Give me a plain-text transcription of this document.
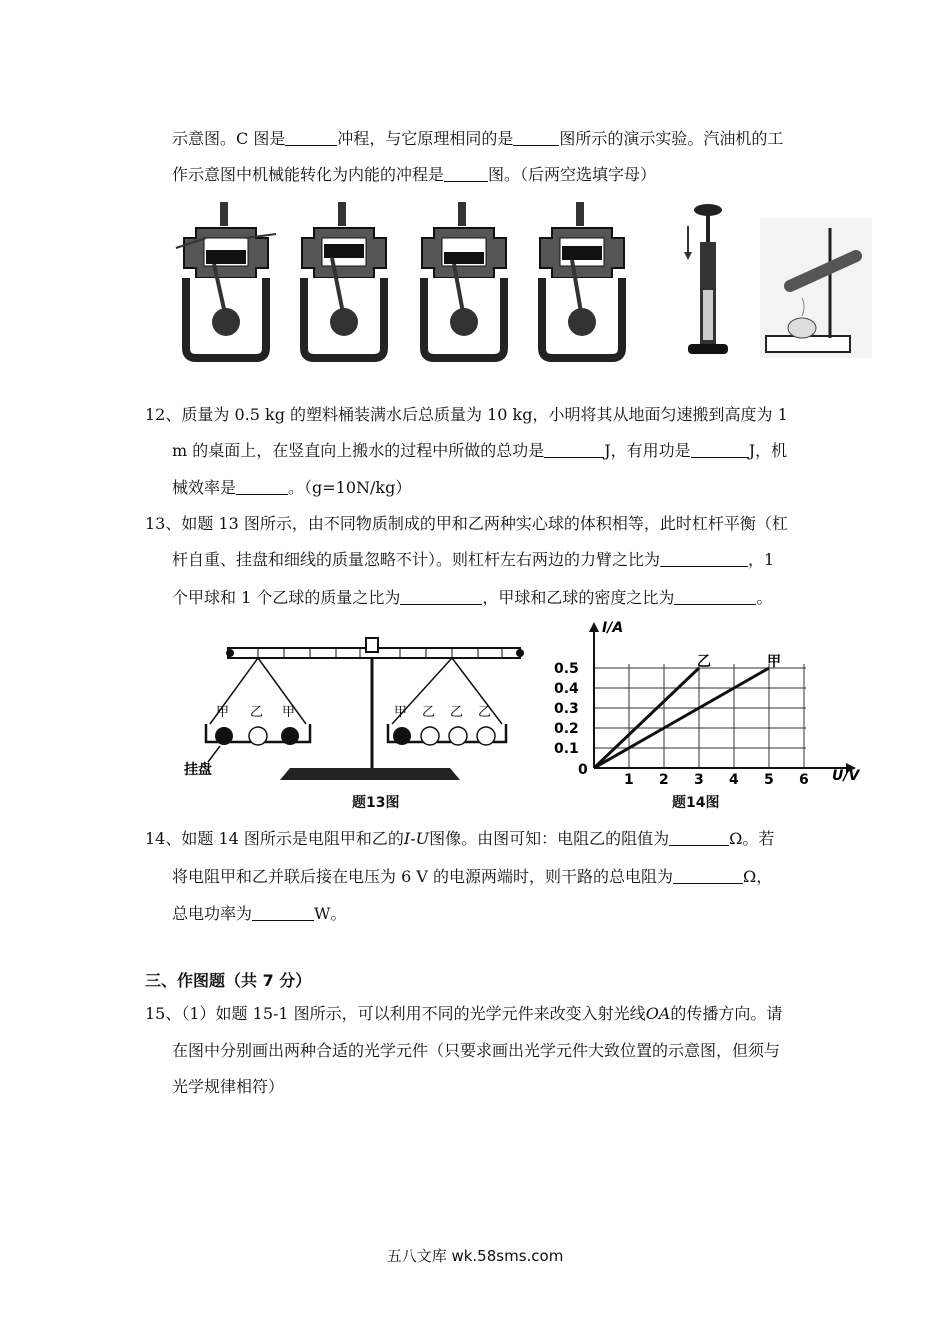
示意图。C 图是	冲程，与它原理相同的是	图所示的演示实验。汽油机的工
作示意图中机械能转化为内能的冲程是	图。（后两空选填字母）
12、质量为 0.5 kg 的塑料桶装满水后总质量为 10 kg，小明将其从地面匀速搬到高度为 1
m 的桌面上，在竖直向上搬水的过程中所做的总功是	J，有用功是	J，机
械效率是	。（g=10N/kg）
13、如题 13 图所示，由不同物质制成的甲和乙两种实心球的体积相等，此时杠杆平衡（杠
杆自重、挂盘和细线的质量忽略不计）。则杠杆左右两边的力臂之比为	，1
个甲球和 1 个乙球的质量之比为	，甲球和乙球的密度之比为	。
甲 乙 甲	甲 乙 乙 乙
挂盘
题13图
I/A
U/V
0
1 2 3 4 5 6
0.1
0.2
0.3
0.4
0.5	乙	甲
题14图
14、如题 14 图所示是电阻甲和乙的I-U图像。由图可知：电阻乙的阻值为	Ω。若
将电阻甲和乙并联后接在电压为 6 V 的电源两端时，则干路的总电阻为	Ω，
总电功率为	W。
三、作图题（共 7 分）
15、（1）如题 15-1 图所示，可以利用不同的光学元件来改变入射光线OA的传播方向。请
在图中分别画出两种合适的光学元件（只要求画出光学元件大致位置的示意图，但须与
光学规律相符）
五八文库 wk.58sms.com
